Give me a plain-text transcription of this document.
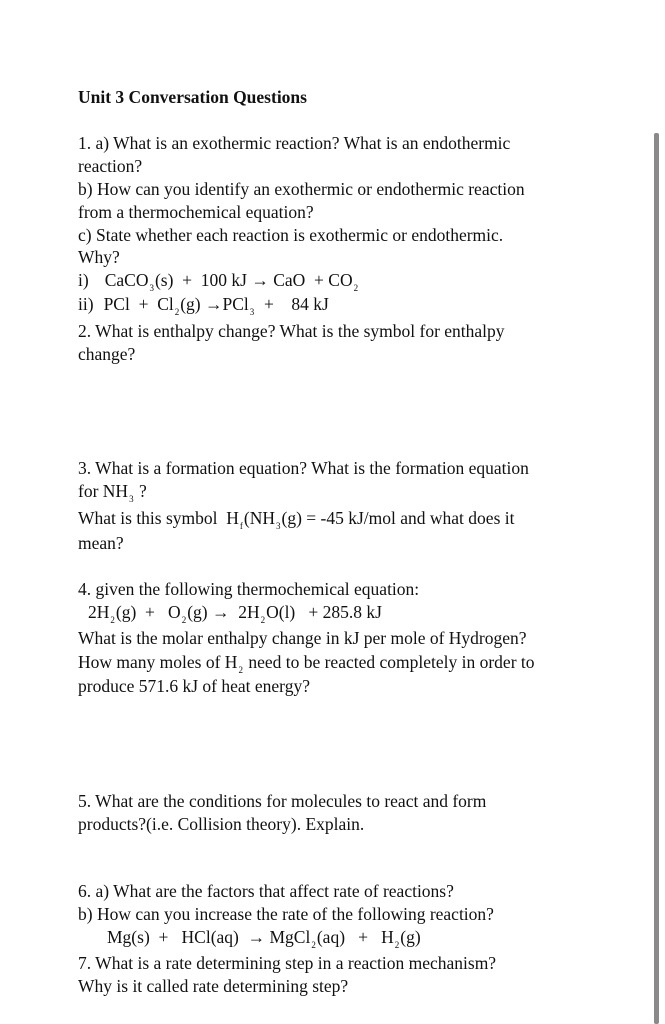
Unit 3 Conversation Questions
1. a) What is an exothermic reaction? What is an endothermic
reaction?
b) How can you identify an exothermic or endothermic reaction
from a thermochemical equation?
c) State whether each reaction is exothermic or endothermic.
Why?
i) CaCO$_3$(s)  +  100 kJ → CaO  + $CO_2$
ii) PCl  +  $Cl_2(g) \to PCl_3$  +    84 kJ
2. What is enthalpy change? What is the symbol for enthalpy
change?
3. What is a formation equation? What is the formation equation
for $NH_3$ ?
What is this symbol  $H_f(NH_3(g) = -45$ kJ/mol and what does it
mean?
4. given the following thermochemical equation:
$2H_2(g) + O_2(g) \to 2H_2O(l) + 285.8$ kJ
What is the molar enthalpy change in kJ per mole of Hydrogen?
How many moles of $H_2$ need to be reacted completely in order to
produce 571.6 kJ of heat energy?
5. What are the conditions for molecules to react and form
products?(i.e. Collision theory). Explain.
6. a) What are the factors that affect rate of reactions?
b) How can you increase the rate of the following reaction?
Mg(s)  +   HCl(aq)  → MgCl$_2$(aq)   +   $H_2(g)$
7. What is a rate determining step in a reaction mechanism?
Why is it called rate determining step?
